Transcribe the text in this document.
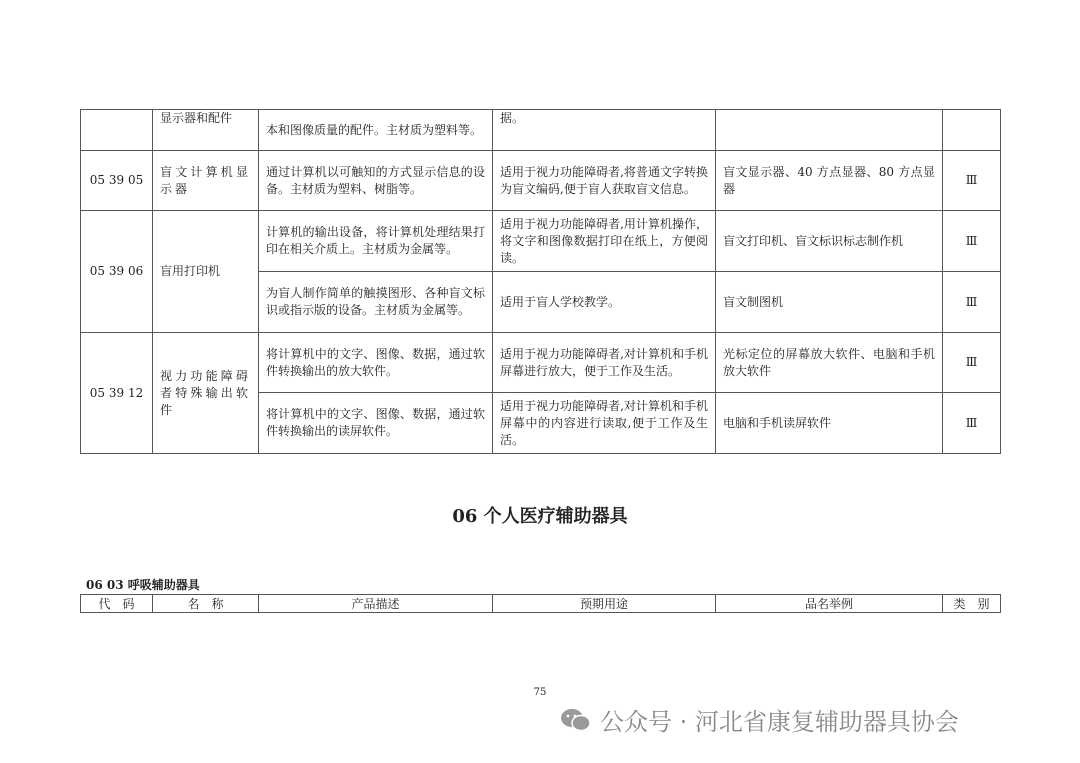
	显示器和配件	本和图像质量的配件。主材质为塑料等。	据。		
05 39 05	盲文计算机显示器	通过计算机以可触知的方式显示信息的设备。主材质为塑料、树脂等。	适用于视力功能障碍者,将普通文字转换为盲文编码,便于盲人获取盲文信息。	盲文显示器、40 方点显器、80 方点显器	Ⅲ
05 39 06	盲用打印机	计算机的输出设备，将计算机处理结果打印在相关介质上。主材质为金属等。	适用于视力功能障碍者,用计算机操作，将文字和图像数据打印在纸上，方便阅读。	盲文打印机、盲文标识标志制作机	Ⅲ
		为盲人制作简单的触摸图形、各种盲文标识或指示版的设备。主材质为金属等。	适用于盲人学校教学。	盲文制图机	Ⅲ
05 39 12	视力功能障碍者特殊输出软件	将计算机中的文字、图像、数据，通过软件转换输出的放大软件。	适用于视力功能障碍者,对计算机和手机屏幕进行放大，便于工作及生活。	光标定位的屏幕放大软件、电脑和手机放大软件	Ⅲ
		将计算机中的文字、图像、数据，通过软件转换输出的读屏软件。	适用于视力功能障碍者,对计算机和手机屏幕中的内容进行读取,便于工作及生活。	电脑和手机读屏软件	Ⅲ
06 个人医疗辅助器具
06 03 呼吸辅助器具
代　码	名　称	产品描述	预期用途	品名举例	类　别
75
公众号 · 河北省康复辅助器具协会
